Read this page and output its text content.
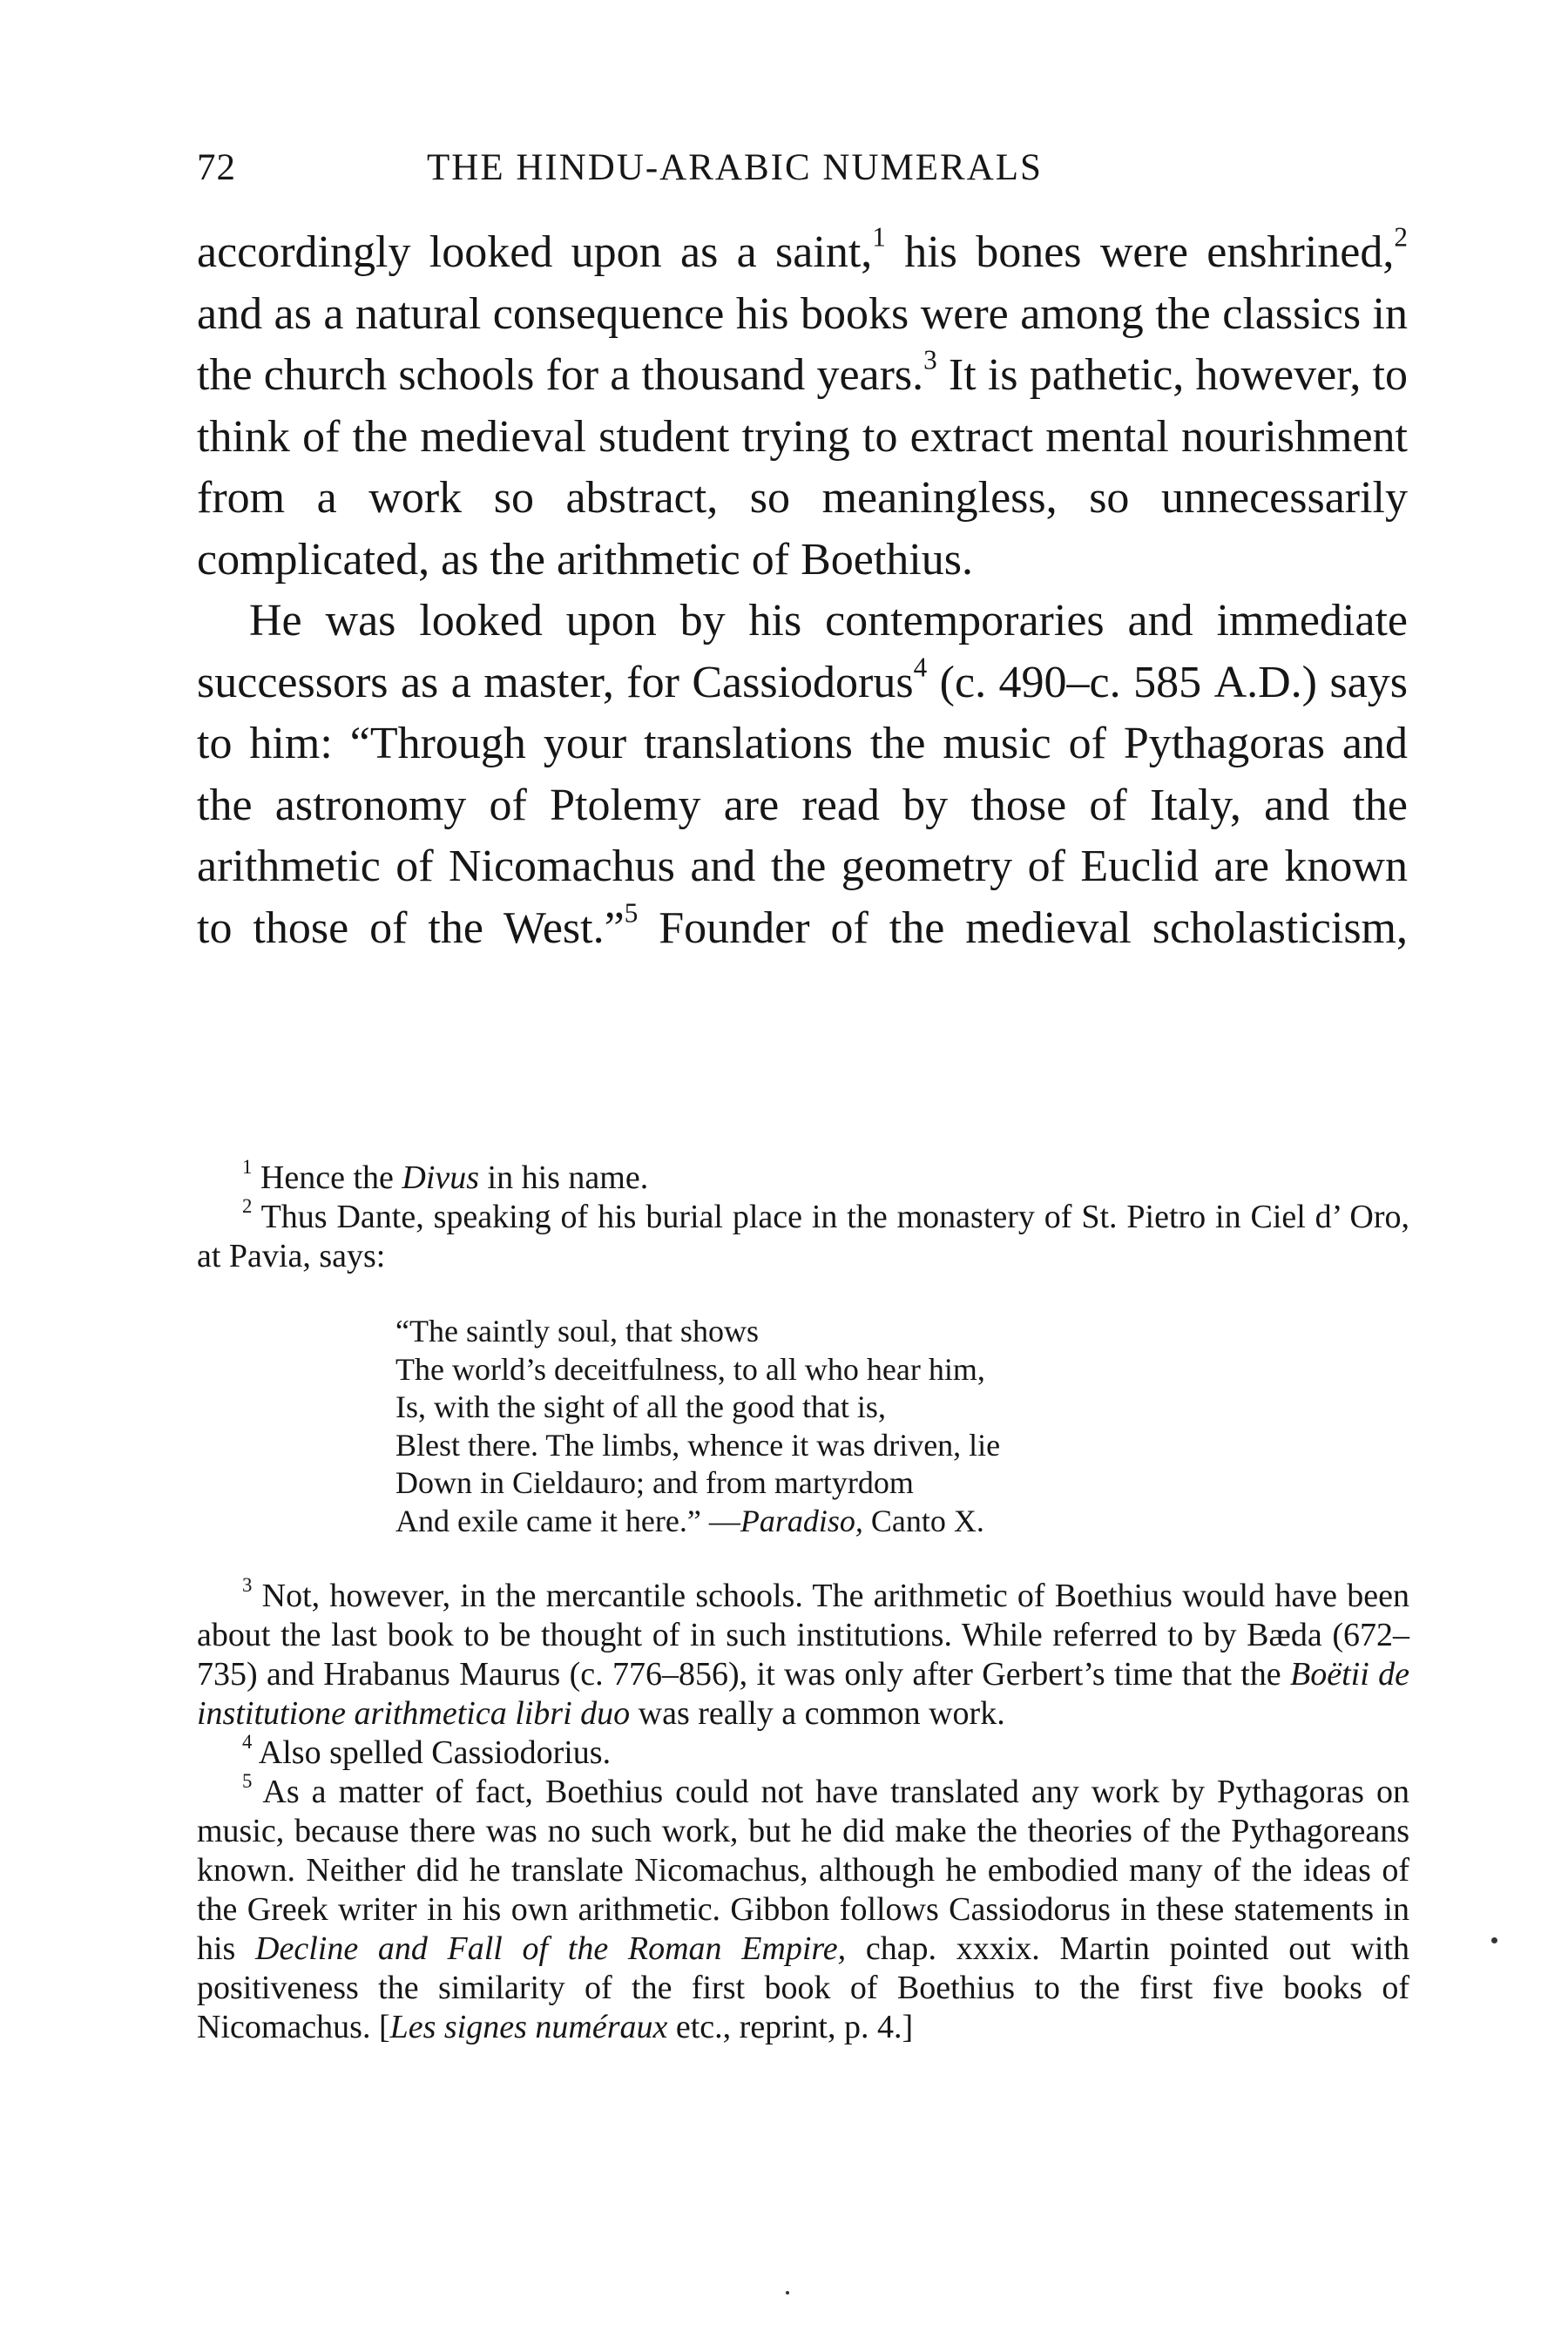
72	THE HINDU-ARABIC NUMERALS

accordingly looked upon as a saint,$^1$ his bones were enshrined,$^2$ and as a natural consequence his books were among the classics in the church schools for a thousand years.$^3$ It is pathetic, however, to think of the medieval student trying to extract mental nourishment from a work so abstract, so meaningless, so unnecessarily complicated, as the arithmetic of Boethius.

He was looked upon by his contemporaries and immediate successors as a master, for Cassiodorus$^4$ (c. 490–c. 585 A.D.) says to him: “Through your translations the music of Pythagoras and the astronomy of Ptolemy are read by those of Italy, and the arithmetic of Nicomachus and the geometry of Euclid are known to those of the West.”$^5$ Founder of the medieval scholasticism,

$^1$ Hence the Divus in his name.

$^2$ Thus Dante, speaking of his burial place in the monastery of St. Pietro in Ciel d’ Oro, at Pavia, says:

“The saintly soul, that shows
The world’s deceitfulness, to all who hear him,
Is, with the sight of all the good that is,
Blest there. The limbs, whence it was driven, lie
Down in Cieldauro; and from martyrdom
And exile came it here.” —Paradiso, Canto X.

$^3$ Not, however, in the mercantile schools. The arithmetic of Boethius would have been about the last book to be thought of in such institutions. While referred to by Bæda (672–735) and Hrabanus Maurus (c. 776–856), it was only after Gerbert’s time that the Boëtii de institutione arithmetica libri duo was really a common work.

$^4$ Also spelled Cassiodorius.

$^5$ As a matter of fact, Boethius could not have translated any work by Pythagoras on music, because there was no such work, but he did make the theories of the Pythagoreans known. Neither did he translate Nicomachus, although he embodied many of the ideas of the Greek writer in his own arithmetic. Gibbon follows Cassiodorus in these statements in his Decline and Fall of the Roman Empire, chap. xxxix. Martin pointed out with positiveness the similarity of the first book of Boethius to the first five books of Nicomachus. [Les signes numéraux etc., reprint, p. 4.]
